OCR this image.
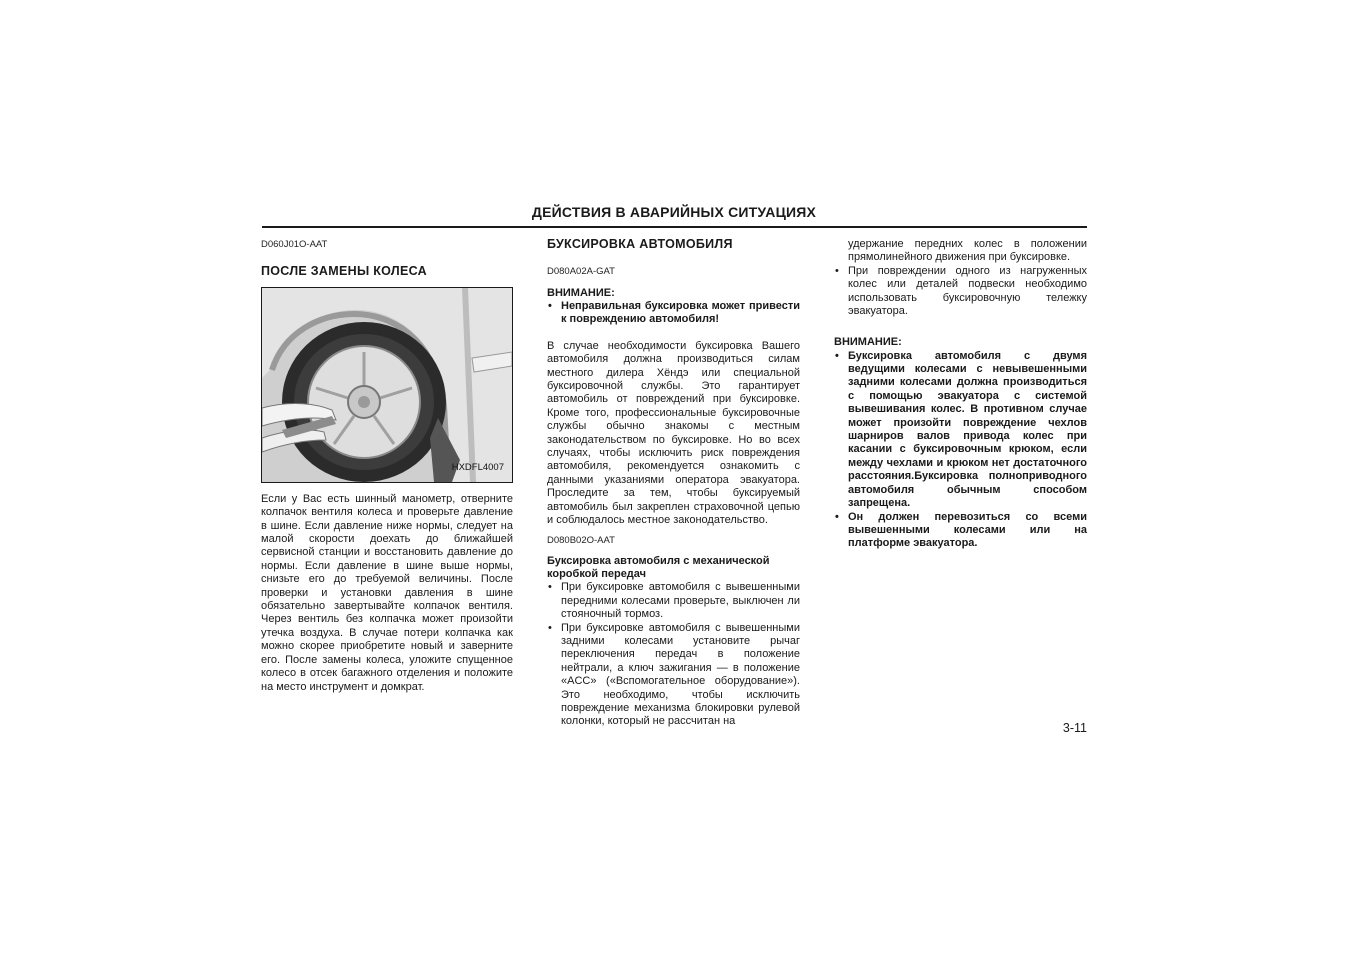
ДЕЙСТВИЯ В АВАРИЙНЫХ СИТУАЦИЯХ

D060J01O-AAT

ПОСЛЕ ЗАМЕНЫ КОЛЕСА

HXDFL4007

Если у Вас есть шинный манометр, отверните колпачок вентиля колеса и проверьте давление в шине. Если давление ниже нормы, следует на малой скорости доехать до ближайшей сервисной станции и восстановить давление до нормы. Если давление в шине выше нормы, снизьте его до требуемой величины. После проверки и установки давления в шине обязательно завертывайте колпачок вентиля. Через вентиль без колпачка может произойти утечка воздуха. В случае потери колпачка как можно скорее приобретите новый и заверните его. После замены колеса, уложите спущенное колесо в отсек багажного отделения и положите на место инструмент и домкрат.

БУКСИРОВКА АВТОМОБИЛЯ

D080A02A-GAT

ВНИМАНИЕ:

• Неправильная буксировка может привести к повреждению автомобиля!

В случае необходимости буксировка Вашего автомобиля должна производиться силам местного дилера Хёндэ или специальной буксировочной службы. Это гарантирует автомобиль от повреждений при буксировке. Кроме того, профессиональные буксировочные службы обычно знакомы с местным законодательством по буксировке. Но во всех случаях, чтобы исключить риск повреждения автомобиля, рекомендуется ознакомить с данными указаниями оператора эвакуатора. Проследите за тем, чтобы буксируемый автомобиль был закреплен страховочной цепью и соблюдалось местное законодательство.

D080B02O-AAT

Буксировка автомобиля с механической коробкой передач

• При буксировке автомобиля с вывешенными передними колесами проверьте, выключен ли стояночный тормоз.
• При буксировке автомобиля с вывешенными задними колесами установите рычаг переключения передач в положение нейтрали, а ключ зажигания — в положение «ACC» («Вспомогательное оборудование»). Это необходимо, чтобы исключить повреждение механизма блокировки рулевой колонки, который не рассчитан на

удержание передних колес в положении прямолинейного движения при буксировке.

• При повреждении одного из нагруженных колес или деталей подвески необходимо использовать буксировочную тележку эвакуатора.

ВНИМАНИЕ:

• Буксировка автомобиля с двумя ведущими колесами с невывешенными задними колесами должна производиться с помощью эвакуатора с системой вывешивания колес. В противном случае может произойти повреждение чехлов шарниров валов привода колес при касании с буксировочным крюком, если между чехлами и крюком нет достаточного расстояния.Буксировка полноприводного автомобиля обычным способом запрещена.
• Он должен перевозиться со всеми вывешенными колесами или на платформе эвакуатора.
3-11
